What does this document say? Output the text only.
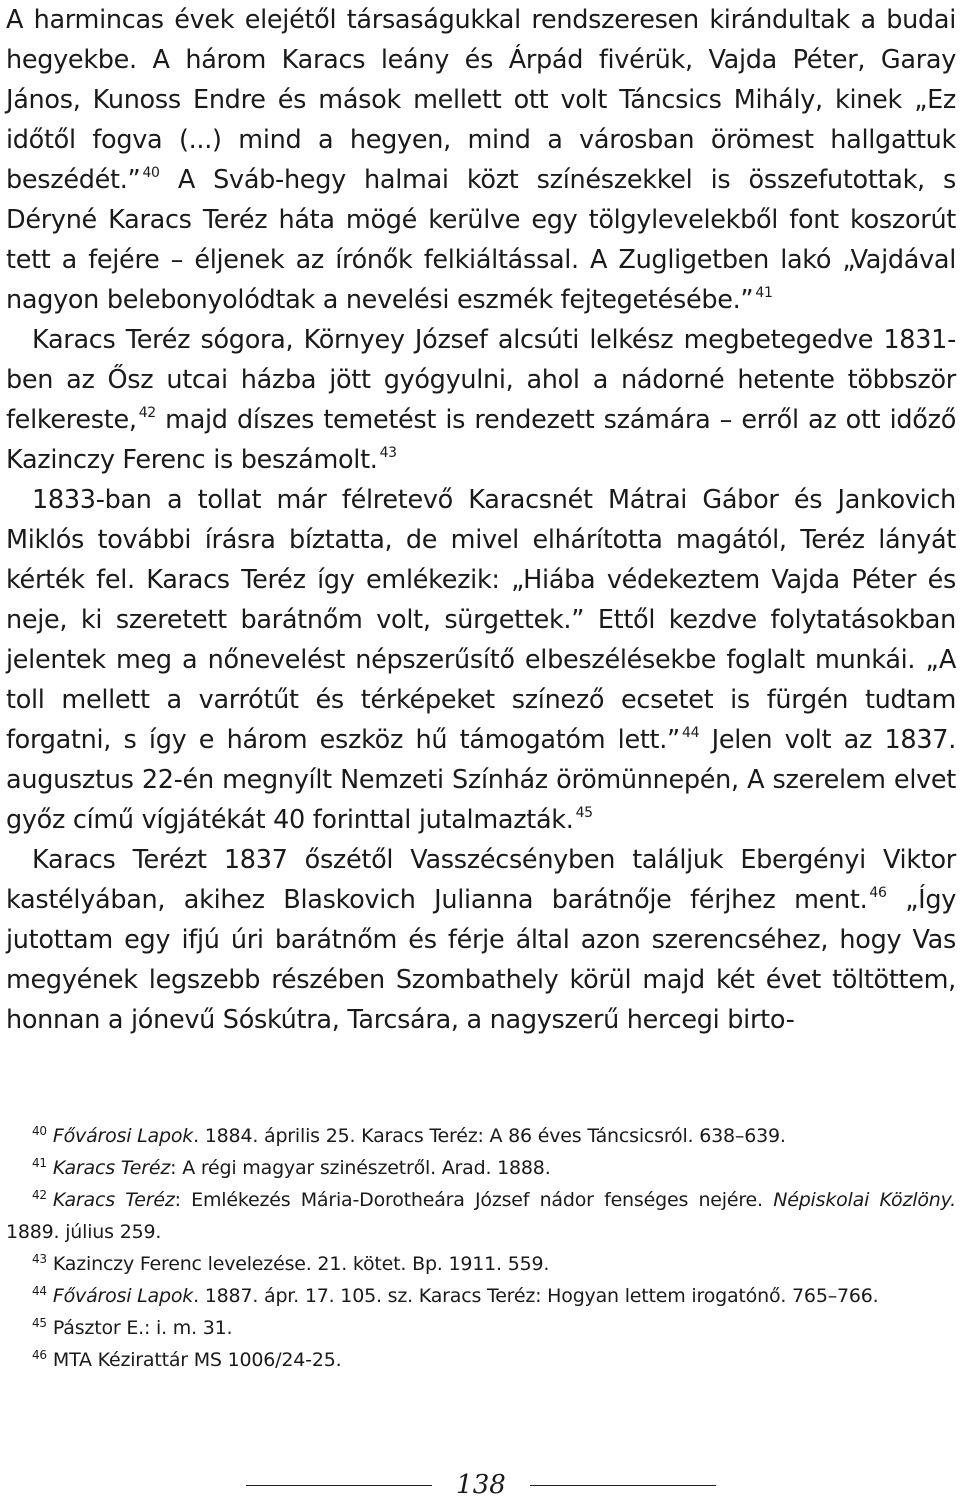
A harmincas évek elejétől társaságukkal rendszeresen kirándultak a budai hegyekbe. A három Karacs leány és Árpád fivérük, Vajda Péter, Garay János, Kunoss Endre és mások mellett ott volt Táncsics Mihály, kinek „Ez időtől fogva (...) mind a hegyen, mind a városban örömest hallgattuk beszédét.” $^{40}$ A Sváb-hegy halmai közt színészekkel is összefutottak, s Déryné Karacs Teréz háta mögé kerülve egy tölgylevelekből font koszorút tett a fejére – éljenek az írónők felkiáltással. A Zugligetben lakó „Vajdával nagyon belebonyolódtak a nevelési eszmék fejtegetésébe.” $^{41}$

Karacs Teréz sógora, Környey József alcsúti lelkész megbetegedve 1831-ben az Ősz utcai házba jött gyógyulni, ahol a nádorné hetente többször felkereste, $^{42}$ majd díszes temetést is rendezett számára – erről az ott időző Kazinczy Ferenc is beszámolt. $^{43}$

1833-ban a tollat már félretevő Karacsnét Mátrai Gábor és Jankovich Miklós további írásra bíztatta, de mivel elhárította magától, Teréz lányát kérték fel. Karacs Teréz így emlékezik: „Hiába védekeztem Vajda Péter és neje, ki szeretett barátnőm volt, sürgettek.” Ettől kezdve folytatásokban jelentek meg a nőnevelést népszerűsítő elbeszélésekbe foglalt munkái. „A toll mellett a varrótűt és térképeket színező ecsetet is fürgén tudtam forgatni, s így e három eszköz hű támogatóm lett.” $^{44}$ Jelen volt az 1837. augusztus 22-én megnyílt Nemzeti Színház örömünnepén, A szerelem elvet győz című vígjátékát 40 forinttal jutalmazták. $^{45}$

Karacs Terézt 1837 őszétől Vasszécsényben találjuk Ebergényi Viktor kastélyában, akihez Blaskovich Julianna barátnője férjhez ment. $^{46}$ „Így jutottam egy ifjú úri barátnőm és férje által azon szerencséhez, hogy Vas megyének legszebb részében Szombathely körül majd két évet töltöttem, honnan a jónevű Sóskútra, Tarcsára, a nagyszerű hercegi birto-

$^{40}$ Fővárosi Lapok. 1884. április 25. Karacs Teréz: A 86 éves Táncsicsról. 638–639.

$^{41}$ Karacs Teréz: A régi magyar szinészetről. Arad. 1888.

$^{42}$ Karacs Teréz: Emlékezés Mária-Dorotheára József nádor fenséges nejére. Népiskolai Közlöny. 1889. július 259.

$^{43}$ Kazinczy Ferenc levelezése. 21. kötet. Bp. 1911. 559.

$^{44}$ Fővárosi Lapok. 1887. ápr. 17. 105. sz. Karacs Teréz: Hogyan lettem irogatónő. 765–766.

$^{45}$ Pásztor E.: i. m. 31.

$^{46}$ MTA Kézirattár MS 1006/24-25.

138
